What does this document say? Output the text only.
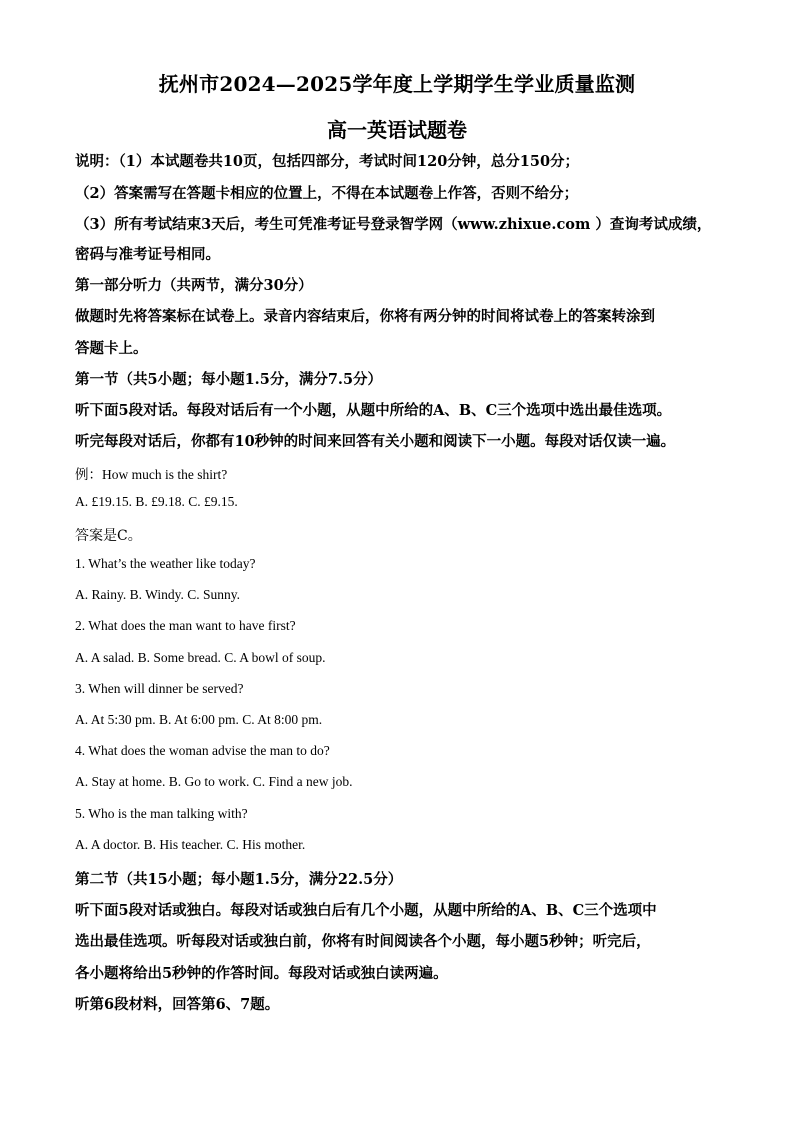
抚州市2024—2025学年度上学期学生学业质量监测
高一英语试题卷
说明：（1）本试题卷共10页，包括四部分，考试时间120分钟，总分150分；
（2）答案需写在答题卡相应的位置上，不得在本试题卷上作答，否则不给分；
（3）所有考试结束3天后，考生可凭准考证号登录智学网（www.zhixue.com ）查询考试成绩，
密码与准考证号相同。
第一部分听力（共两节，满分30分）
做题时先将答案标在试卷上。录音内容结束后，你将有两分钟的时间将试卷上的答案转涂到
答题卡上。
第一节（共5小题；每小题1.5分，满分7.5分）
听下面5段对话。每段对话后有一个小题，从题中所给的A、B、C三个选项中选出最佳选项。
听完每段对话后，你都有10秒钟的时间来回答有关小题和阅读下一小题。每段对话仅读一遍。
例：How much is the shirt?
A. £19.15. B. £9.18. C. £9.15.
答案是C。
1. What’s the weather like today?
A. Rainy. B. Windy. C. Sunny.
2. What does the man want to have first?
A. A salad. B. Some bread. C. A bowl of soup.
3. When will dinner be served?
A. At 5:30 pm. B. At 6:00 pm. C. At 8:00 pm.
4. What does the woman advise the man to do?
A. Stay at home. B. Go to work. C. Find a new job.
5. Who is the man talking with?
A. A doctor. B. His teacher. C. His mother.
第二节（共15小题；每小题1.5分，满分22.5分）
听下面5段对话或独白。每段对话或独白后有几个小题，从题中所给的A、B、C三个选项中
选出最佳选项。听每段对话或独白前，你将有时间阅读各个小题，每小题5秒钟；听完后，
各小题将给出5秒钟的作答时间。每段对话或独白读两遍。
听第6段材料，回答第6、7题。
